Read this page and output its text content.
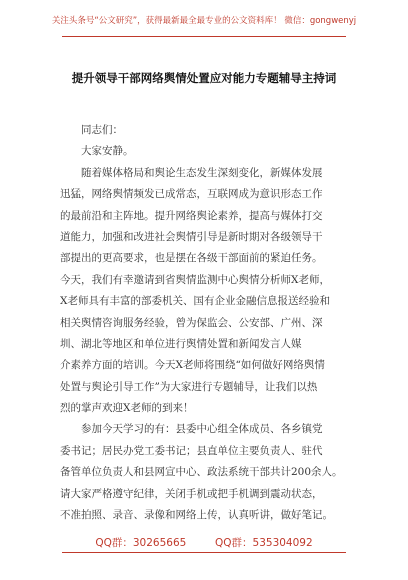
关注头条号“公文研究”，获得最新最全最专业的公文资料库！ 微信：gongwenyj
提升领导干部网络舆情处置应对能力专题辅导主持词
同志们：
大家安静。
随着媒体格局和舆论生态发生深刻变化，新媒体发展
迅猛，网络舆情频发已成常态，互联网成为意识形态工作
的最前沿和主阵地。提升网络舆论素养，提高与媒体打交
道能力，加强和改进社会舆情引导是新时期对各级领导干
部提出的更高要求，也是摆在各级干部面前的紧迫任务。
今天，我们有幸邀请到省舆情监测中心舆情分析师X老师，
X老师具有丰富的部委机关、国有企业金融信息报送经验和
相关舆情咨询服务经验，曾为保监会、公安部、广州、深
圳、湖北等地区和单位进行舆情处置和新闻发言人媒
介素养方面的培训。今天X老师将围绕“如何做好网络舆情
处置与舆论引导工作”为大家进行专题辅导，让我们以热
烈的掌声欢迎X老师的到来！
参加今天学习的有：县委中心组全体成员、各乡镇党
委书记；居民办党工委书记；县直单位主要负责人、驻代
备管单位负责人和县网宣中心、政法系统干部共计200余人。
请大家严格遵守纪律，关闭手机或把手机调到震动状态，
不准拍照、录音、录像和网络上传，认真听讲，做好笔记。
QQ群：30265665	QQ群：535304092
